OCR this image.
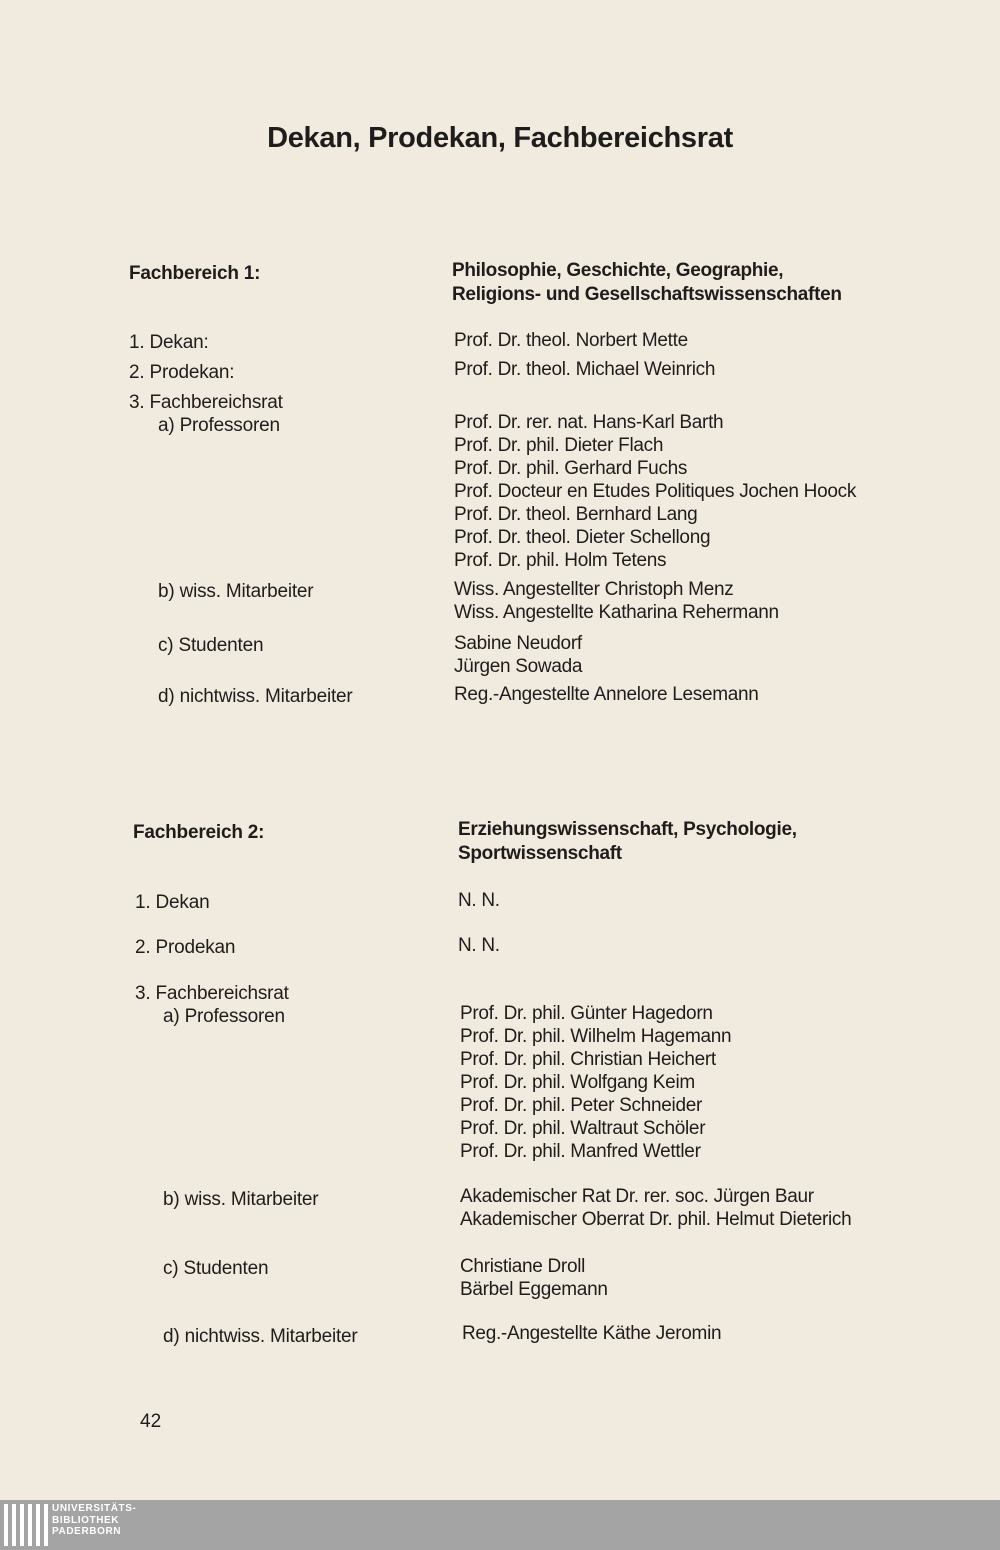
Dekan, Prodekan, Fachbereichsrat
Fachbereich 1:	Philosophie, Geschichte, Geographie,
Religions- und Gesellschaftswissenschaften
1. Dekan:	Prof. Dr. theol. Norbert Mette
2. Prodekan:	Prof. Dr. theol. Michael Weinrich
3. Fachbereichsrat
a) Professoren	Prof. Dr. rer. nat. Hans-Karl Barth
Prof. Dr. phil. Dieter Flach
Prof. Dr. phil. Gerhard Fuchs
Prof. Docteur en Etudes Politiques Jochen Hoock
Prof. Dr. theol. Bernhard Lang
Prof. Dr. theol. Dieter Schellong
Prof. Dr. phil. Holm Tetens
b) wiss. Mitarbeiter	Wiss. Angestellter Christoph Menz
Wiss. Angestellte Katharina Rehermann
c) Studenten	Sabine Neudorf
Jürgen Sowada
d) nichtwiss. Mitarbeiter	Reg.-Angestellte Annelore Lesemann
Fachbereich 2:	Erziehungswissenschaft, Psychologie,
Sportwissenschaft
1. Dekan	N. N.
2. Prodekan	N. N.
3. Fachbereichsrat
a) Professoren	Prof. Dr. phil. Günter Hagedorn
Prof. Dr. phil. Wilhelm Hagemann
Prof. Dr. phil. Christian Heichert
Prof. Dr. phil. Wolfgang Keim
Prof. Dr. phil. Peter Schneider
Prof. Dr. phil. Waltraut Schöler
Prof. Dr. phil. Manfred Wettler
b) wiss. Mitarbeiter	Akademischer Rat Dr. rer. soc. Jürgen Baur
Akademischer Oberrat Dr. phil. Helmut Dieterich
c) Studenten	Christiane Droll
Bärbel Eggemann
d) nichtwiss. Mitarbeiter	Reg.-Angestellte Käthe Jeromin
42
UNIVERSITÄTS-
BIBLIOTHEK
PADERBORN
